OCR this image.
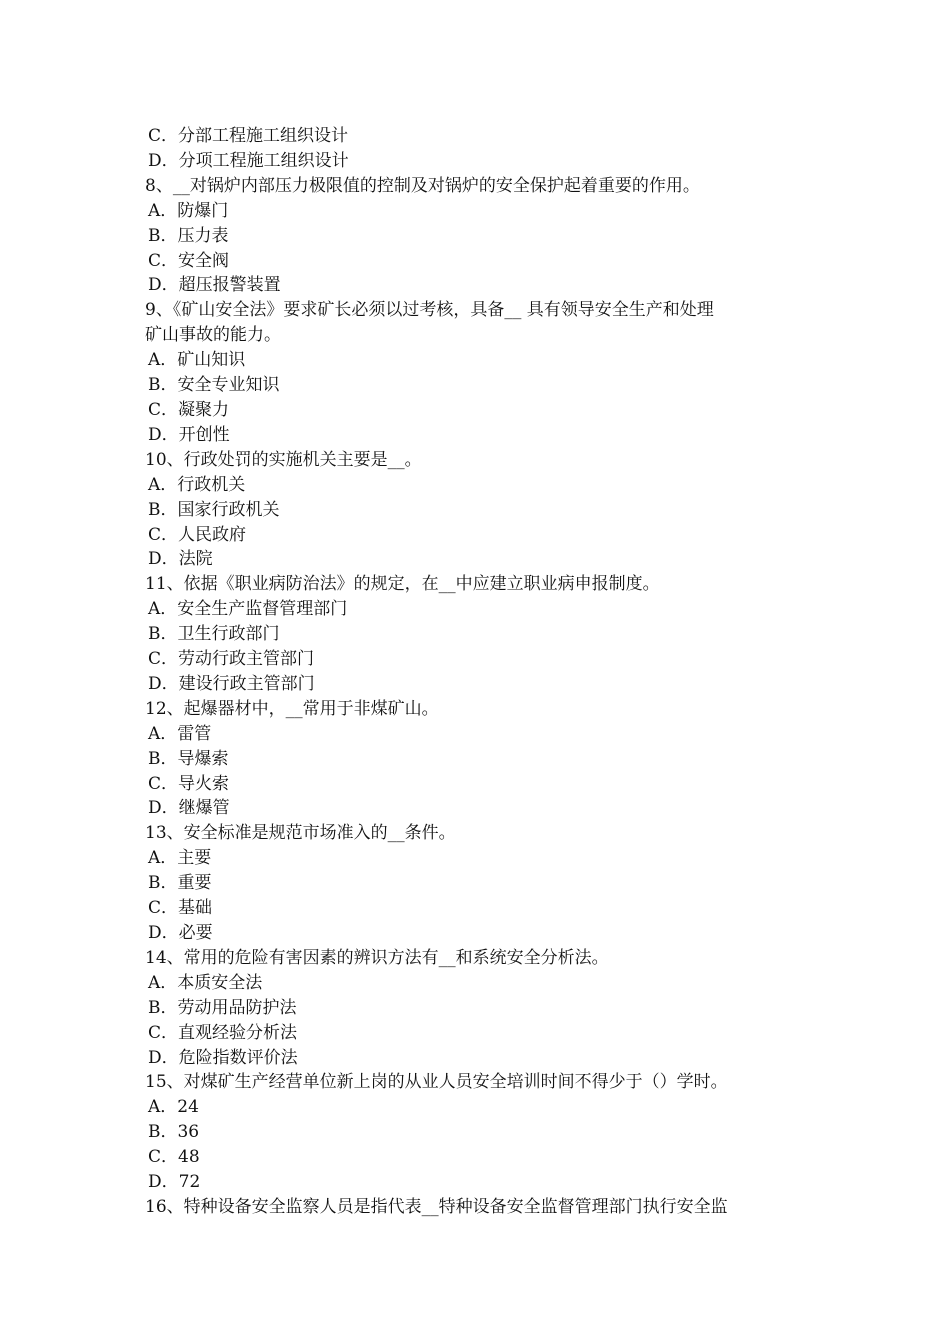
C．分部工程施工组织设计
D．分项工程施工组织设计
8、__对锅炉内部压力极限值的控制及对锅炉的安全保护起着重要的作用。
A．防爆门
B．压力表
C．安全阀
D．超压报警装置
9、《矿山安全法》要求矿长必须以过考核，具备__ 具有领导安全生产和处理
矿山事故的能力。
A．矿山知识
B．安全专业知识
C．凝聚力
D．开创性
10、行政处罚的实施机关主要是__。
A．行政机关
B．国家行政机关
C．人民政府
D．法院
11、依据《职业病防治法》的规定，在__中应建立职业病申报制度。
A．安全生产监督管理部门
B．卫生行政部门
C．劳动行政主管部门
D．建设行政主管部门
12、起爆器材中，__常用于非煤矿山。
A．雷管
B．导爆索
C．导火索
D．继爆管
13、安全标准是规范市场准入的__条件。
A．主要
B．重要
C．基础
D．必要
14、常用的危险有害因素的辨识方法有__和系统安全分析法。
A．本质安全法
B．劳动用品防护法
C．直观经验分析法
D．危险指数评价法
15、对煤矿生产经营单位新上岗的从业人员安全培训时间不得少于（）学时。
A．24
B．36
C．48
D．72
16、特种设备安全监察人员是指代表__特种设备安全监督管理部门执行安全监
